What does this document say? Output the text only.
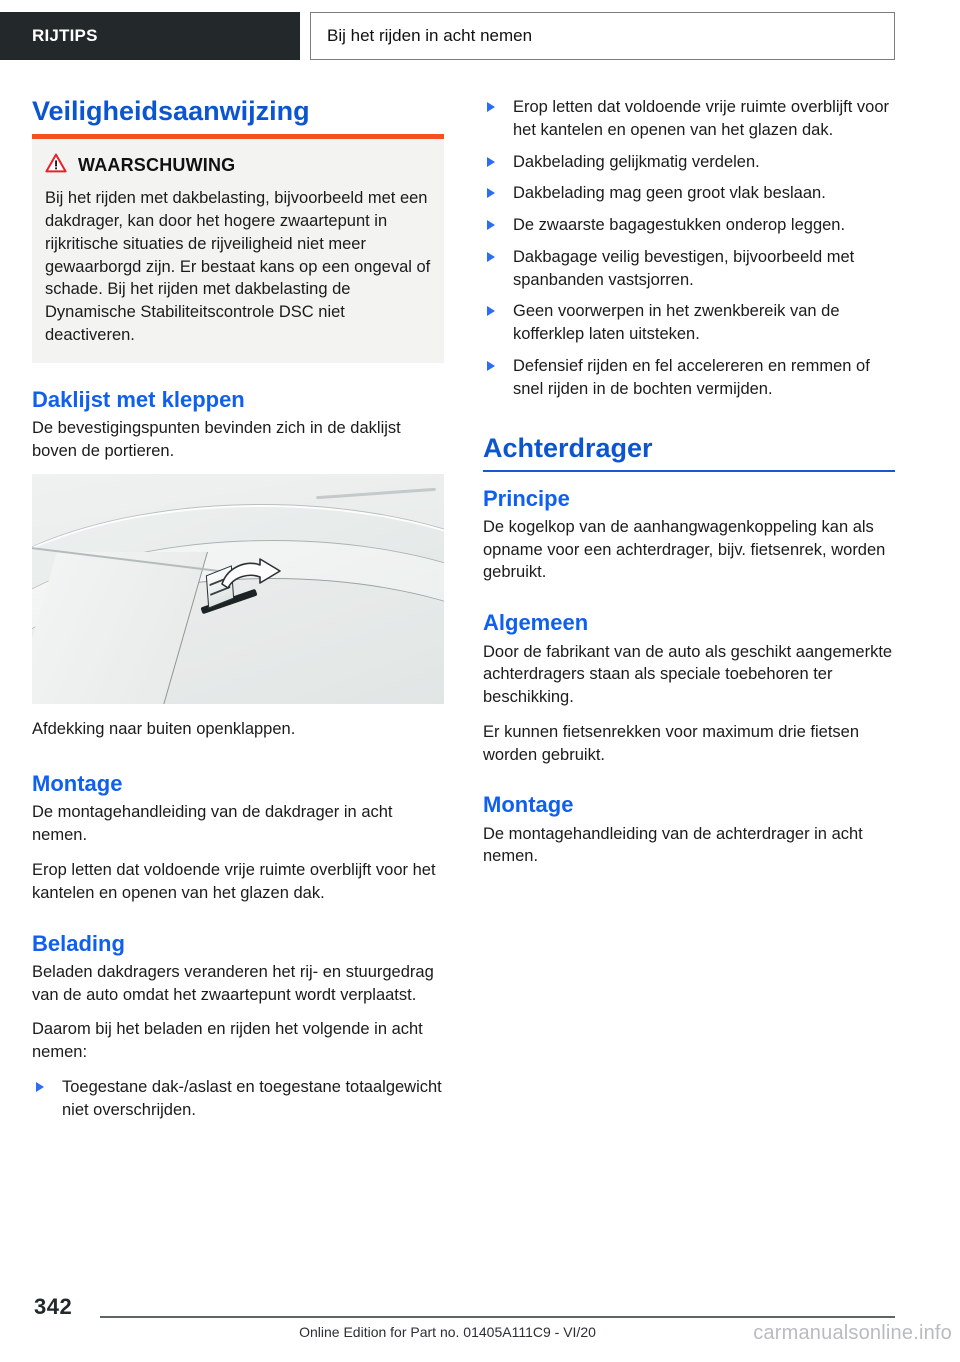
RIJTIPS	Bij het rijden in acht nemen
Veiligheidsaanwijzing
WAARSCHUWING
Bij het rijden met dakbelasting, bijvoorbeeld met een dakdrager, kan door het hogere zwaartepunt in rijkritische situaties de rijveiligheid niet meer gewaarborgd zijn. Er bestaat kans op een ongeval of schade. Bij het rijden met dakbelasting de Dynamische Stabiliteitscontrole DSC niet deactiveren.
Daklijst met kleppen

De bevestigingspunten bevinden zich in de daklijst boven de portieren.

Afdekking naar buiten openklappen.

Montage

De montagehandleiding van de dakdrager in acht nemen.

Erop letten dat voldoende vrije ruimte overblijft voor het kantelen en openen van het glazen dak.

Belading

Beladen dakdragers veranderen het rij- en stuurgedrag van de auto omdat het zwaartepunt wordt verplaatst.

Daarom bij het beladen en rijden het volgende in acht nemen:

Toegestane dak-/aslast en toegestane totaalgewicht niet overschrijden.
Erop letten dat voldoende vrije ruimte overblijft voor het kantelen en openen van het glazen dak.
Dakbelading gelijkmatig verdelen.
Dakbelading mag geen groot vlak beslaan.
De zwaarste bagagestukken onderop leggen.
Dakbagage veilig bevestigen, bijvoorbeeld met spanbanden vastsjorren.
Geen voorwerpen in het zwenkbereik van de kofferklep laten uitsteken.
Defensief rijden en fel accelereren en remmen of snel rijden in de bochten vermijden.
Achterdrager
Principe

De kogelkop van de aanhangwagenkoppeling kan als opname voor een achterdrager, bijv. fietsenrek, worden gebruikt.

Algemeen

Door de fabrikant van de auto als geschikt aangemerkte achterdragers staan als speciale toebehoren ter beschikking.

Er kunnen fietsenrekken voor maximum drie fietsen worden gebruikt.

Montage

De montagehandleiding van de achterdrager in acht nemen.

342
Online Edition for Part no. 01405A111C9 - VI/20	carmanualsonline.info
